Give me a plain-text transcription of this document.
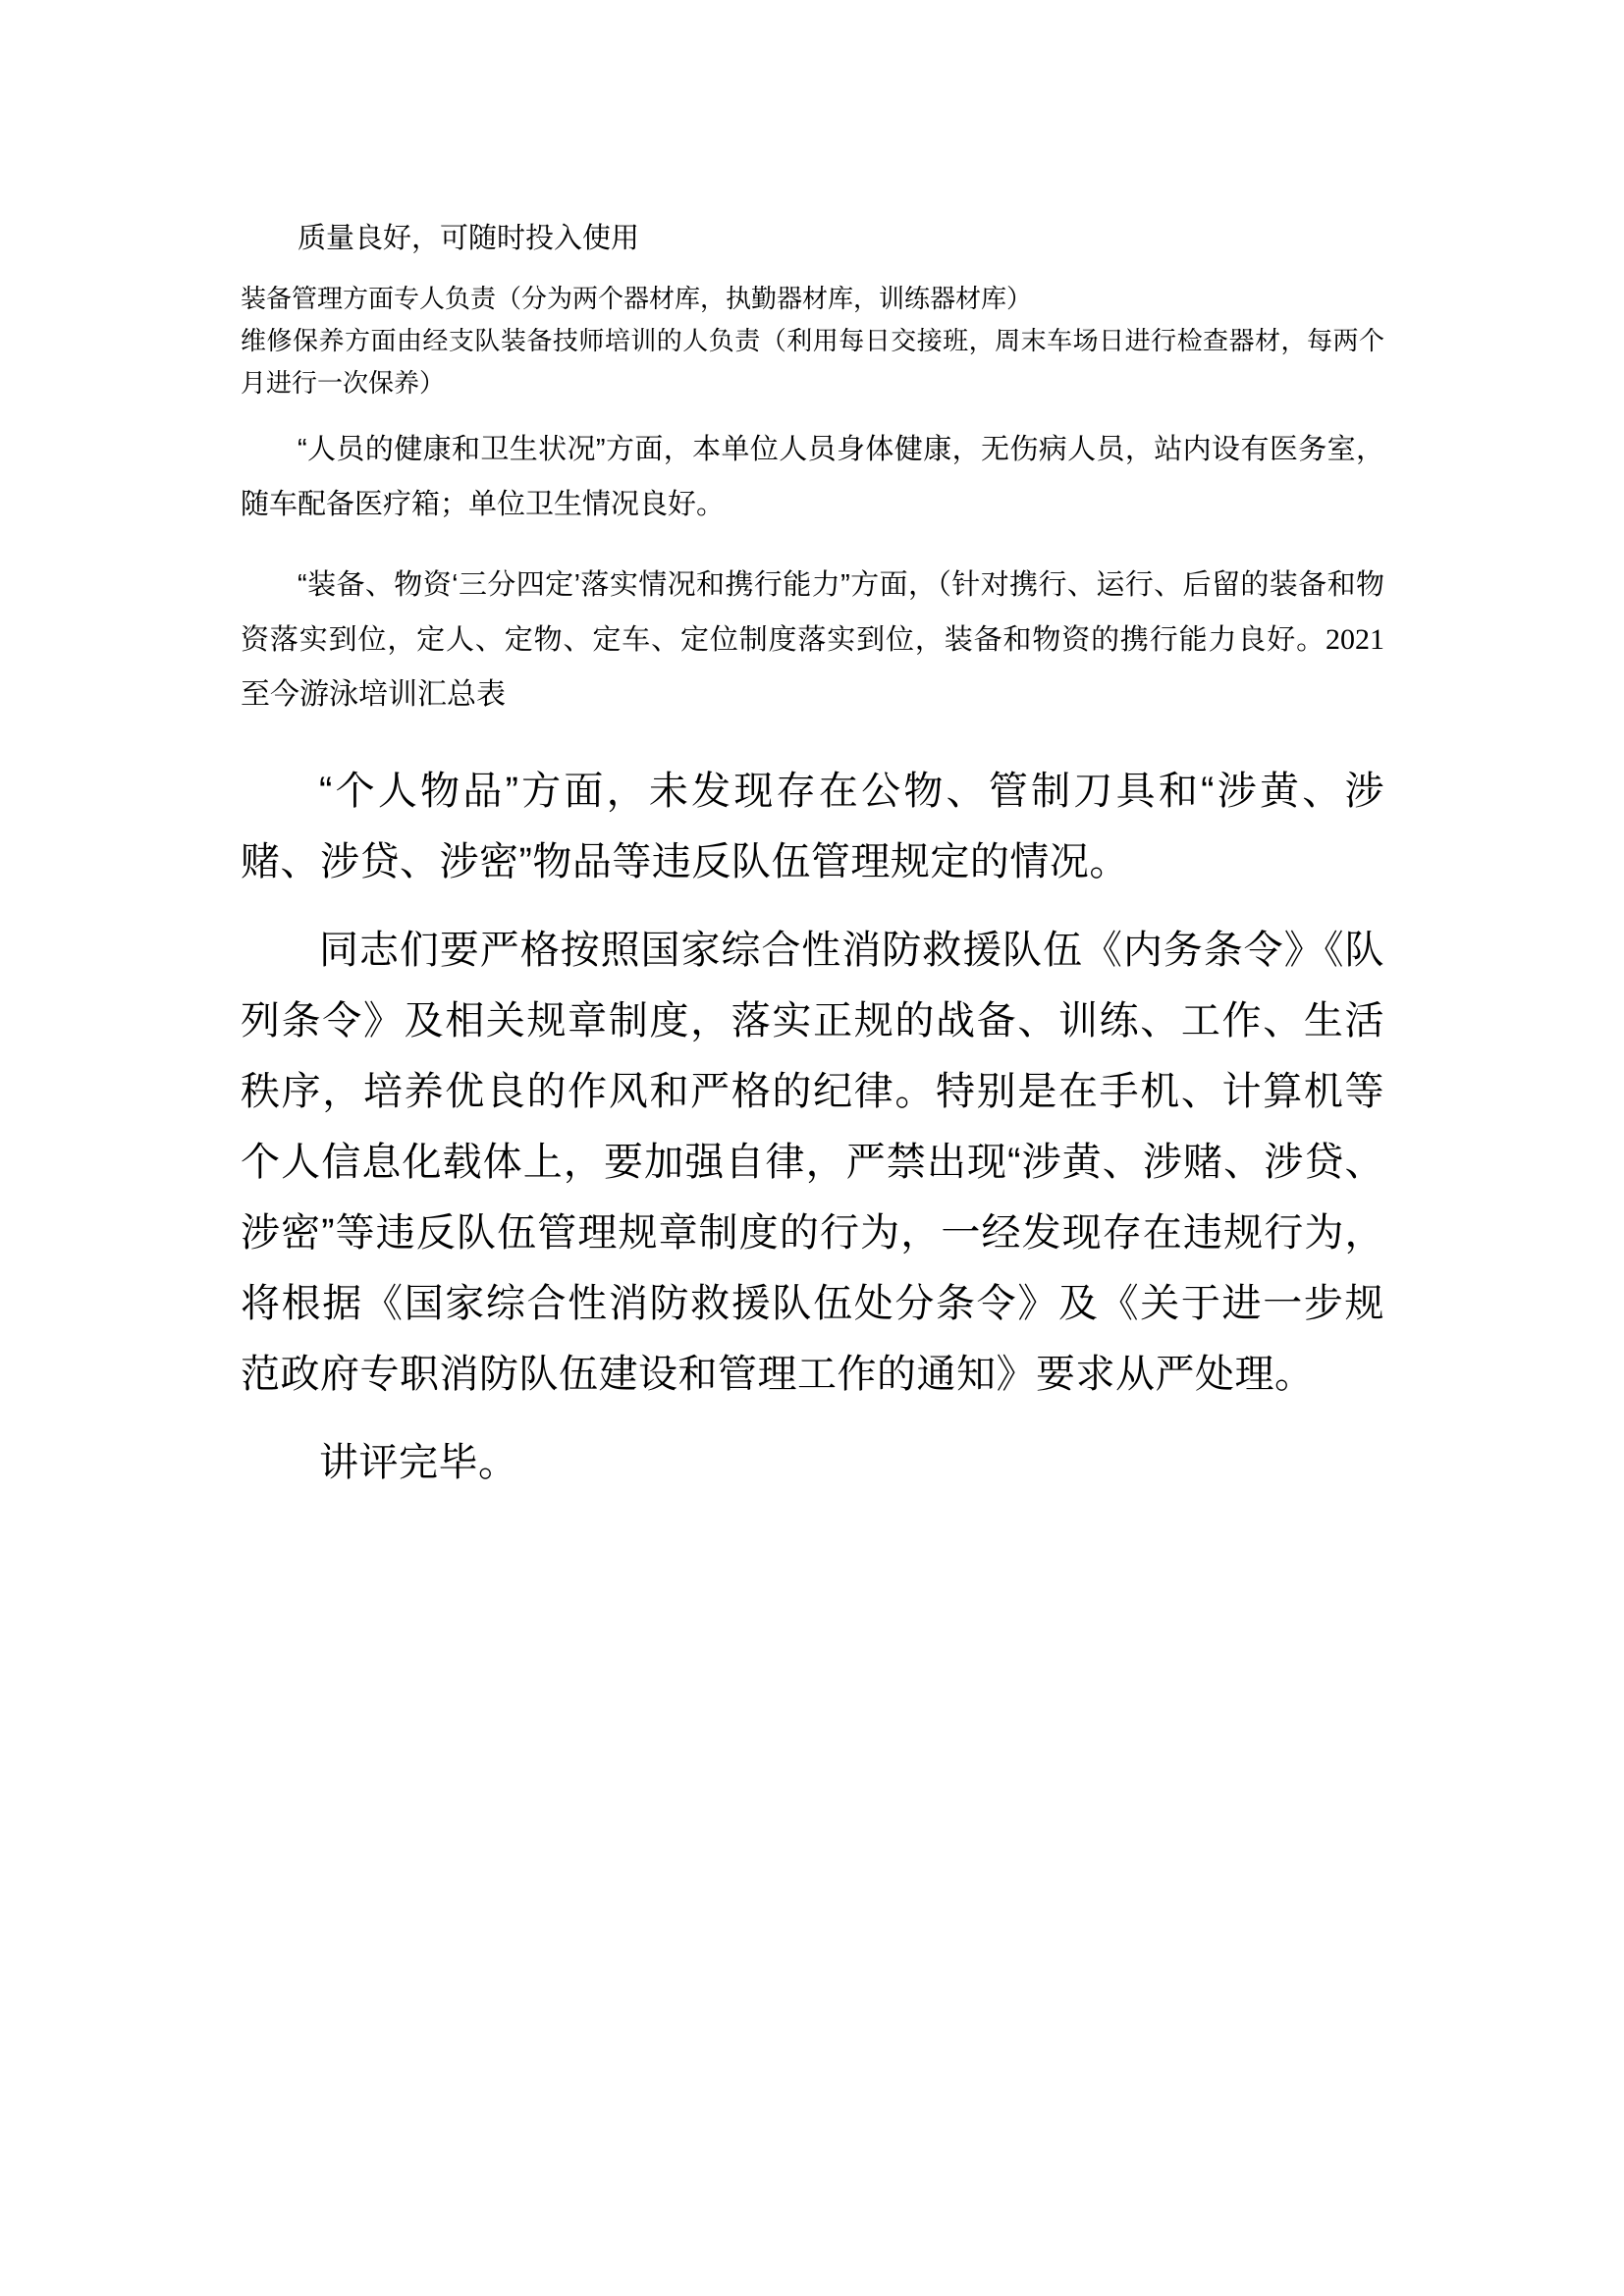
质量良好，可随时投入使用

装备管理方面专人负责（分为两个器材库，执勤器材库，训练器材库）

维修保养方面由经支队装备技师培训的人负责（利用每日交接班，周末车场日进行检查器材，每两个月进行一次保养）

“人员的健康和卫生状况”方面，本单位人员身体健康，无伤病人员，站内设有医务室，随车配备医疗箱；单位卫生情况良好。

“装备、物资‘三分四定’落实情况和携行能力”方面，（针对携行、运行、后留的装备和物资落实到位，定人、定物、定车、定位制度落实到位，装备和物资的携行能力良好。2021 至今游泳培训汇总表

“个人物品”方面，未发现存在公物、管制刀具和“涉黄、涉赌、涉贷、涉密”物品等违反队伍管理规定的情况。

同志们要严格按照国家综合性消防救援队伍《内务条令》《队列条令》及相关规章制度，落实正规的战备、训练、工作、生活秩序，培养优良的作风和严格的纪律。特别是在手机、计算机等个人信息化载体上，要加强自律，严禁出现“涉黄、涉赌、涉贷、涉密”等违反队伍管理规章制度的行为，一经发现存在违规行为，将根据《国家综合性消防救援队伍处分条令》及《关于进一步规范政府专职消防队伍建设和管理工作的通知》要求从严处理。

讲评完毕。
